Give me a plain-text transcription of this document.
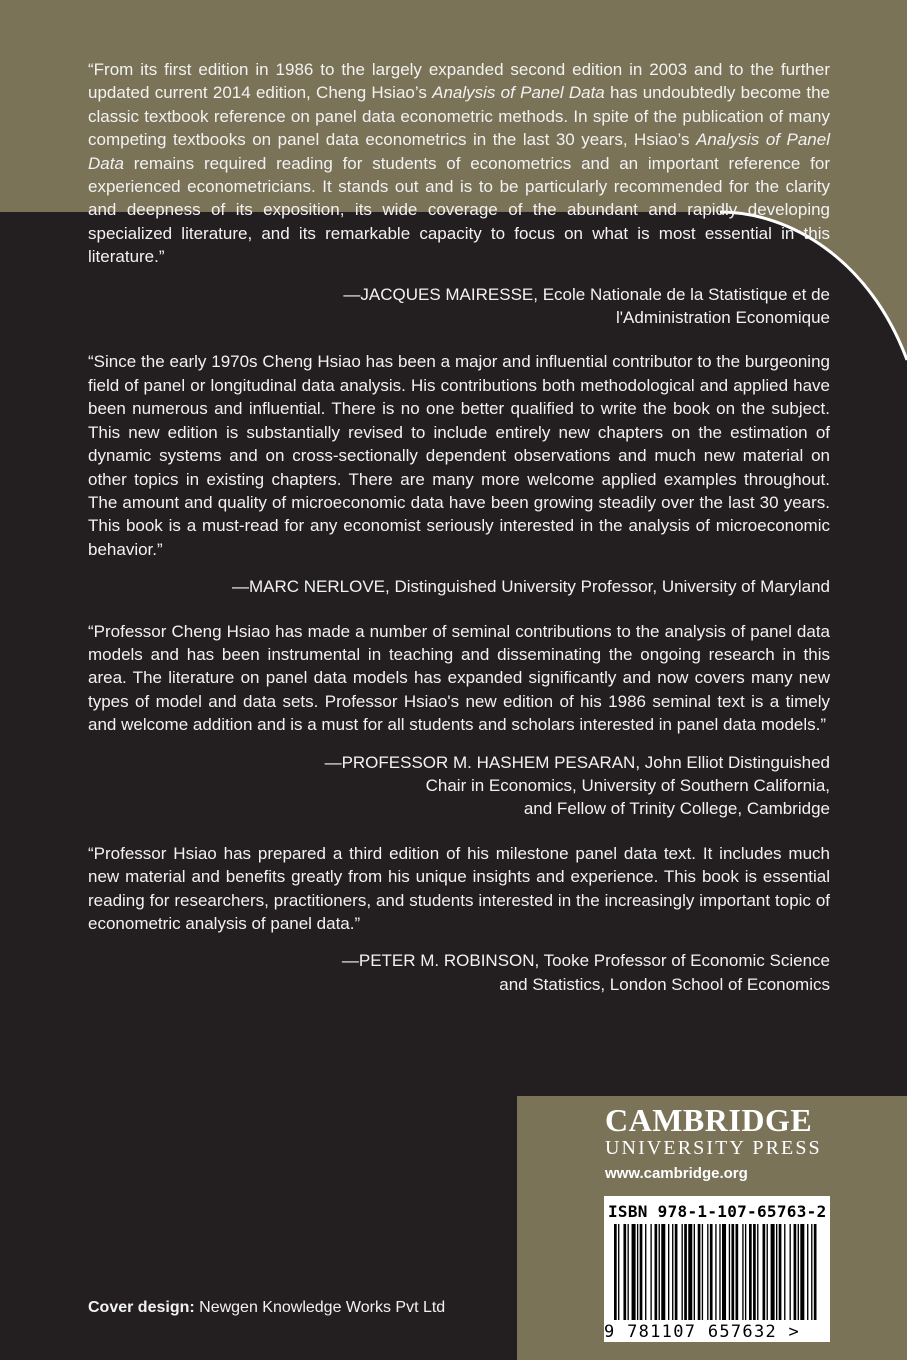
“From its first edition in 1986 to the largely expanded second edition in 2003 and to the further updated current 2014 edition, Cheng Hsiao’s Analysis of Panel Data has undoubtedly become the classic textbook reference on panel data econometric methods. In spite of the publication of many competing textbooks on panel data econometrics in the last 30 years, Hsiao’s Analysis of Panel Data remains required reading for students of econometrics and an important reference for experienced econometricians. It stands out and is to be particularly recommended for the clarity and deepness of its exposition, its wide coverage of the abundant and rapidly developing specialized literature, and its remarkable capacity to focus on what is most essential in this literature.”

—JACQUES MAIRESSE, Ecole Nationale de la Statistique et de
l'Administration Economique

“Since the early 1970s Cheng Hsiao has been a major and influential contributor to the burgeoning field of panel or longitudinal data analysis. His contributions both methodological and applied have been numerous and influential. There is no one better qualified to write the book on the subject. This new edition is substantially revised to include entirely new chapters on the estimation of dynamic systems and on cross-sectionally dependent observations and much new material on other topics in existing chapters. There are many more welcome applied examples throughout. The amount and quality of microeconomic data have been growing steadily over the last 30 years. This book is a must-read for any economist seriously interested in the analysis of microeconomic behavior.”

—MARC NERLOVE, Distinguished University Professor, University of Maryland

“Professor Cheng Hsiao has made a number of seminal contributions to the analysis of panel data models and has been instrumental in teaching and disseminating the ongoing research in this area. The literature on panel data models has expanded significantly and now covers many new types of model and data sets. Professor Hsiao's new edition of his 1986 seminal text is a timely and welcome addition and is a must for all students and scholars interested in panel data models.”

—PROFESSOR M. HASHEM PESARAN, John Elliot Distinguished
Chair in Economics, University of Southern California,
and Fellow of Trinity College, Cambridge

“Professor Hsiao has prepared a third edition of his milestone panel data text. It includes much new material and benefits greatly from his unique insights and experience. This book is essential reading for researchers, practitioners, and students interested in the increasingly important topic of econometric analysis of panel data.”

—PETER M. ROBINSON, Tooke Professor of Economic Science
and Statistics, London School of Economics

CAMBRIDGE
UNIVERSITY PRESS
www.cambridge.org
ISBN 978-1-107-65763-2
9 781107 657632 >
Cover design: Newgen Knowledge Works Pvt Ltd
